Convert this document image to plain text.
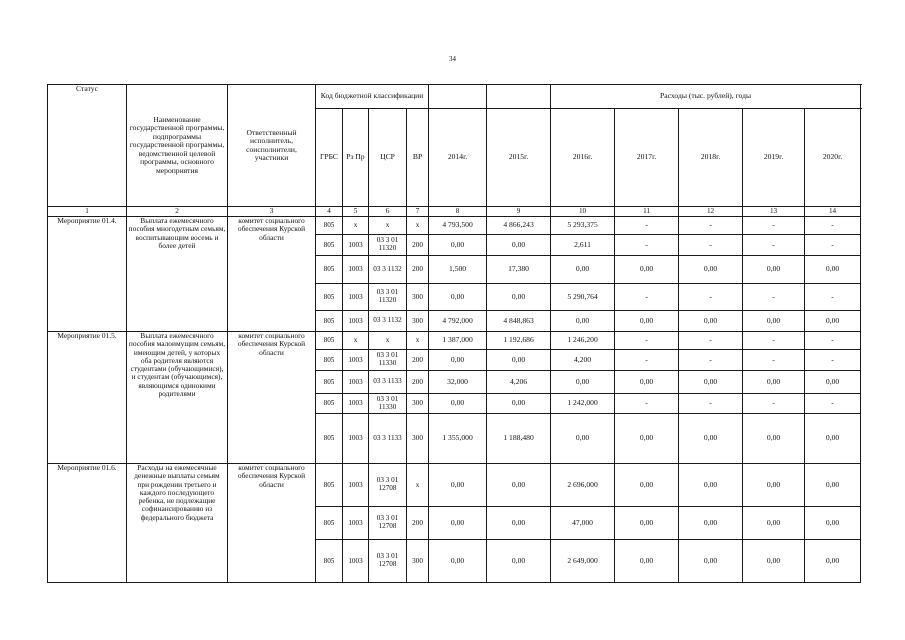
34
Статус	Наименование государственной программы, подпрограммы государственной программы, ведомственной целевой программы, основного мероприятия	Ответственный исполнитель, соисполнители, участники	Код бюджетной классификации						Расходы (тыс. рублей), годы				
			ГРБС	Рз Пр	ЦСР	ВР	2014г.	2015г.	2016г.	2017г.	2018г.	2019г.	2020г.
1	2	3	4	5	6	7	8	9	10	11	12	13	14
Мероприятие 01.4.	Выплата ежемесячного пособия многодетным семьям, воспитывающим восемь и более детей	комитет социального обеспечения Курской области	805	x	x	x	4 793,500	4 866,243	5 293,375	-	-	-	-
			805	1003	03 3 01 11320	200	0,00	0,00	2,611	-	-	-	-
			805	1003	03 3 1132	200	1,500	17,380	0,00	0,00	0,00	0,00	0,00
			805	1003	03 3 01 11320	300	0,00	0,00	5 290,764	-	-	-	-
			805	1003	03 3 1132	300	4 792,000	4 848,863	0,00	0,00	0,00	0,00	0,00
Мероприятие 01.5.	Выплата ежемесячного пособия малоимущим семьям, имеющим детей, у которых оба родителя являются студентами (обучающимися), и студентам (обучающимся), являющимся одинокими родителями	комитет социального обеспечения Курской области	805	x	x	x	1 387,000	1 192,686	1 246,200	-	-	-	-
			805	1003	03 3 01 11330	200	0,00	0,00	4,200	-	-	-	-
			805	1003	03 3 1133	200	32,000	4,206	0,00	0,00	0,00	0,00	0,00
			805	1003	03 3 01 11330	300	0,00	0,00	1 242,000	-	-	-	-
			805	1003	03 3 1133	300	1 355,000	1 188,480	0,00	0,00	0,00	0,00	0,00
Мероприятие 01.6.	Расходы на ежемесячные денежные выплаты семьям при рождении третьего и каждого последующего ребенка, не подлежащие софинансированию из федерального бюджета	комитет социального обеспечения Курской области	805	1003	03 3 01 12708	x	0,00	0,00	2 696,000	0,00	0,00	0,00	0,00
			805	1003	03 3 01 12708	200	0,00	0,00	47,000	0,00	0,00	0,00	0,00
			805	1003	03 3 01 12708	300	0,00	0,00	2 649,000	0,00	0,00	0,00	0,00
